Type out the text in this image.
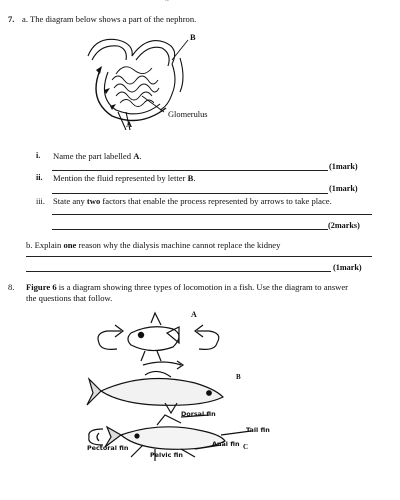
~
7. a. The diagram below shows a part of the nephron.
B
Glomerulus
A
i. Name the part labelled A.
(1mark)
ii. Mention the fluid represented by letter B.
(1mark)
iii. State any two factors that enable the process represented by arrows to take place.
(2marks)
b. Explain one reason why the dialysis machine cannot replace the kidney
(1mark)
8. Figure 6 is a diagram showing three types of locomotion in a fish. Use the diagram to answer
the questions that follow.
A
B
Dorsal fin
Tail fin
Anal fin
Pectoral fin
Pelvic fin
C
